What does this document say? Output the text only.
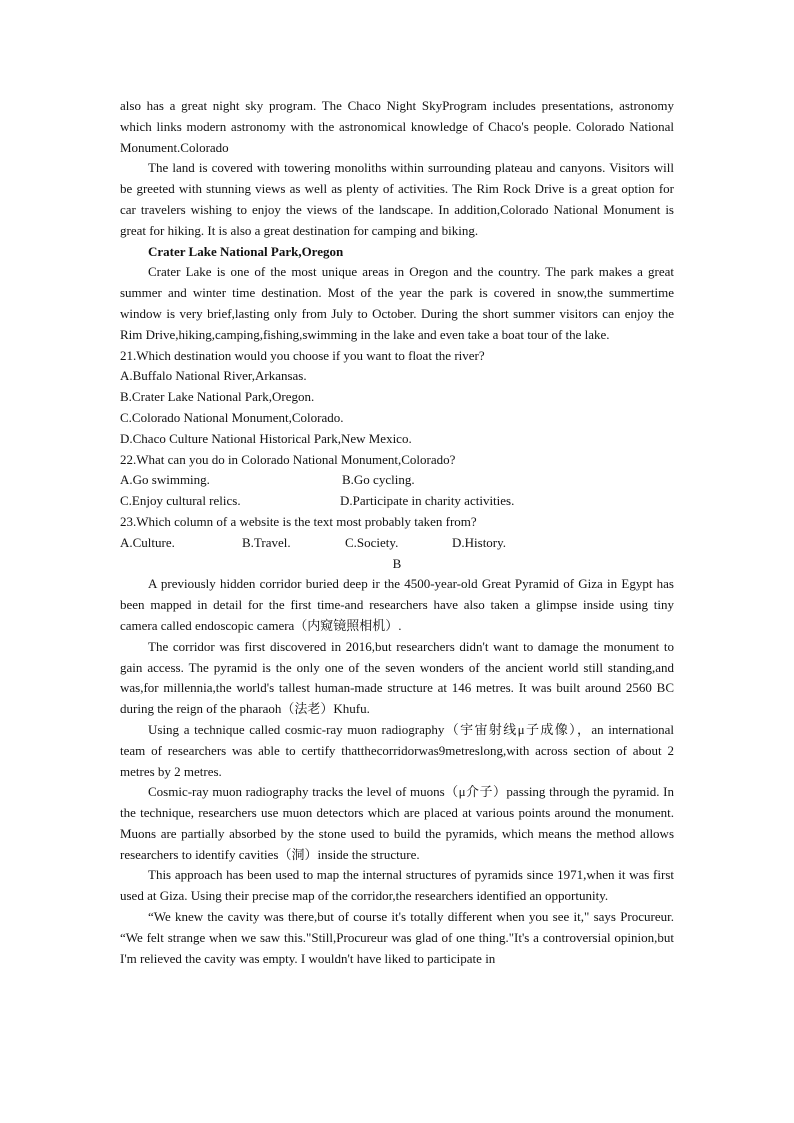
also has a great night sky program. The Chaco Night SkyProgram includes presentations, astronomy which links modern astronomy with the astronomical knowledge of Chaco's people. Colorado National Monument.Colorado

The land is covered with towering monoliths within surrounding plateau and canyons. Visitors will be greeted with stunning views as well as plenty of activities. The Rim Rock Drive is a great option for car travelers wishing to enjoy the views of the landscape. In addition,Colorado National Monument is great for hiking. It is also a great destination for camping and biking.

Crater Lake National Park,Oregon

Crater Lake is one of the most unique areas in Oregon and the country. The park makes a great summer and winter time destination. Most of the year the park is covered in snow,the summertime window is very brief,lasting only from July to October. During the short summer visitors can enjoy the Rim Drive,hiking,camping,fishing,swimming in the lake and even take a boat tour of the lake.

21.Which destination would you choose if you want to float the river?

A.Buffalo National River,Arkansas.

B.Crater Lake National Park,Oregon.

C.Colorado National Monument,Colorado.

D.Chaco Culture National Historical Park,New Mexico.

22.What can you do in Colorado National Monument,Colorado?

A.Go swimming.	B.Go cycling.
C.Enjoy cultural relics.	D.Participate in charity activities.

23.Which column of a website is the text most probably taken from?

A.Culture.	B.Travel.	C.Society.	D.History.

B

A previously hidden corridor buried deep ir the 4500-year-old Great Pyramid of Giza in Egypt has been mapped in detail for the first time-and researchers have also taken a glimpse inside using tiny camera called endoscopic camera（内窥镜照相机）.

The corridor was first discovered in 2016,but researchers didn't want to damage the monument to gain access. The pyramid is the only one of the seven wonders of the ancient world still standing,and was,for millennia,the world's tallest human-made structure at 146 metres. It was built around 2560 BC during the reign of the pharaoh（法老）Khufu.

Using a technique called cosmic-ray muon radiography（宇宙射线μ子成像），an international team of researchers was able to certify thatthecorridorwas9metreslong,with across section of about 2 metres by 2 metres.

Cosmic-ray muon radiography tracks the level of muons（μ介子）passing through the pyramid. In the technique, researchers use muon detectors which are placed at various points around the monument. Muons are partially absorbed by the stone used to build the pyramids, which means the method allows researchers to identify cavities（洞）inside the structure.

This approach has been used to map the internal structures of pyramids since 1971,when it was first used at Giza. Using their precise map of the corridor,the researchers identified an opportunity.

“We knew the cavity was there,but of course it's totally different when you see it," says Procureur. “We felt strange when we saw this."Still,Procureur was glad of one thing."It's a controversial opinion,but I'm relieved the cavity was empty. I wouldn't have liked to participate in
